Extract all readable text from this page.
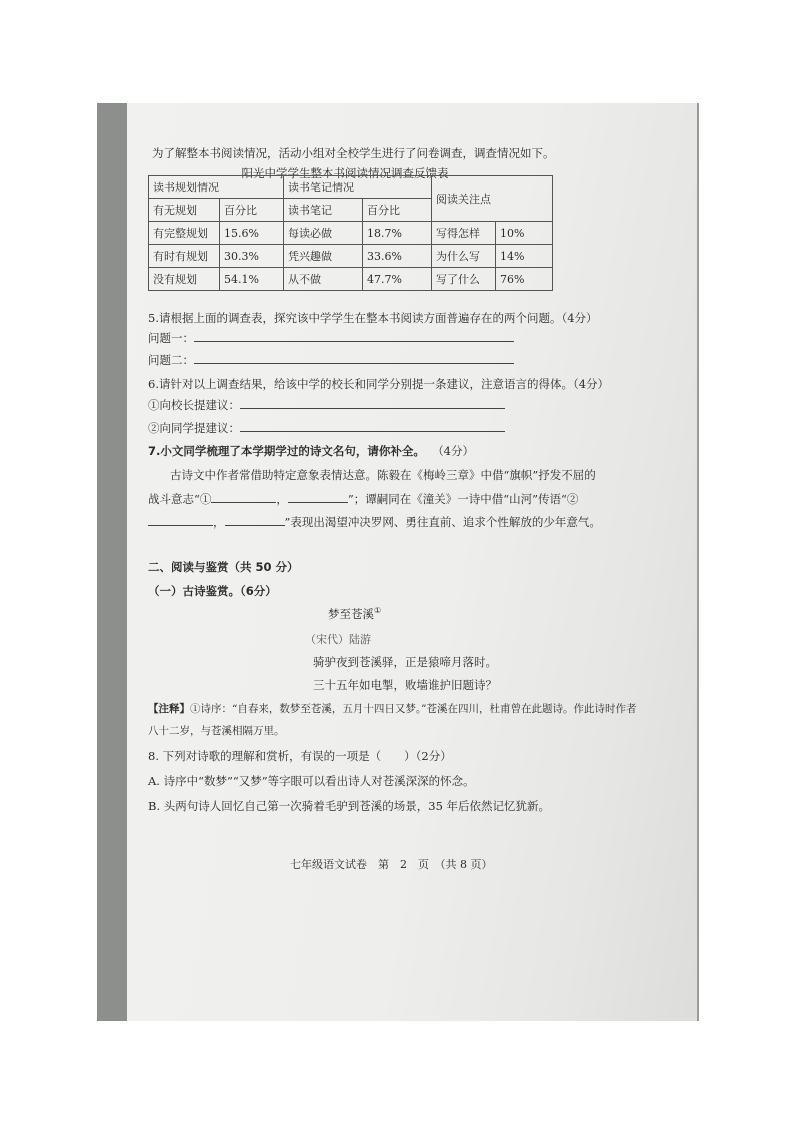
为了解整本书阅读情况，活动小组对全校学生进行了问卷调查，调查情况如下。
阳光中学学生整本书阅读情况调查反馈表
读书规划情况		读书笔记情况		阅读关注点	
有无规划	百分比	读书笔记	百分比		
有完整规划	15.6%	每读必做	18.7%	写得怎样	10%
有时有规划	30.3%	凭兴趣做	33.6%	为什么写	14%
没有规划	54.1%	从不做	47.7%	写了什么	76%
5.请根据上面的调查表，探究该中学学生在整本书阅读方面普遍存在的两个问题。（4分）
问题一：
问题二：
6.请针对以上调查结果，给该中学的校长和同学分别提一条建议，注意语言的得体。（4分）
①向校长提建议：
②向同学提建议：
7.小文同学梳理了本学期学过的诗文名句，请你补全。 （4分）
古诗文中作者常借助特定意象表情达意。陈毅在《梅岭三章》中借“旗帜”抒发不屈的
战斗意志“①	，	”；谭嗣同在《潼关》一诗中借“山河”传语“②
，	”表现出渴望冲决罗网、勇往直前、追求个性解放的少年意气。
二、阅读与鉴赏（共 50 分）
（一）古诗鉴赏。（6分）
梦至苍溪①
（宋代）陆游
骑驴夜到苍溪驿，正是猿啼月落时。
三十五年如电掣，败墙谁护旧题诗？
【注释】①诗序：“自春来，数梦至苍溪，五月十四日又梦。”苍溪在四川，杜甫曾在此题诗。作此诗时作者
八十二岁，与苍溪相隔万里。
8. 下列对诗歌的理解和赏析，有误的一项是（　　）（2分）
A. 诗序中“数梦”“又梦”等字眼可以看出诗人对苍溪深深的怀念。
B. 头两句诗人回忆自己第一次骑着毛驴到苍溪的场景，35 年后依然记忆犹新。
七年级语文试卷　第　2　页　（共 8 页）
